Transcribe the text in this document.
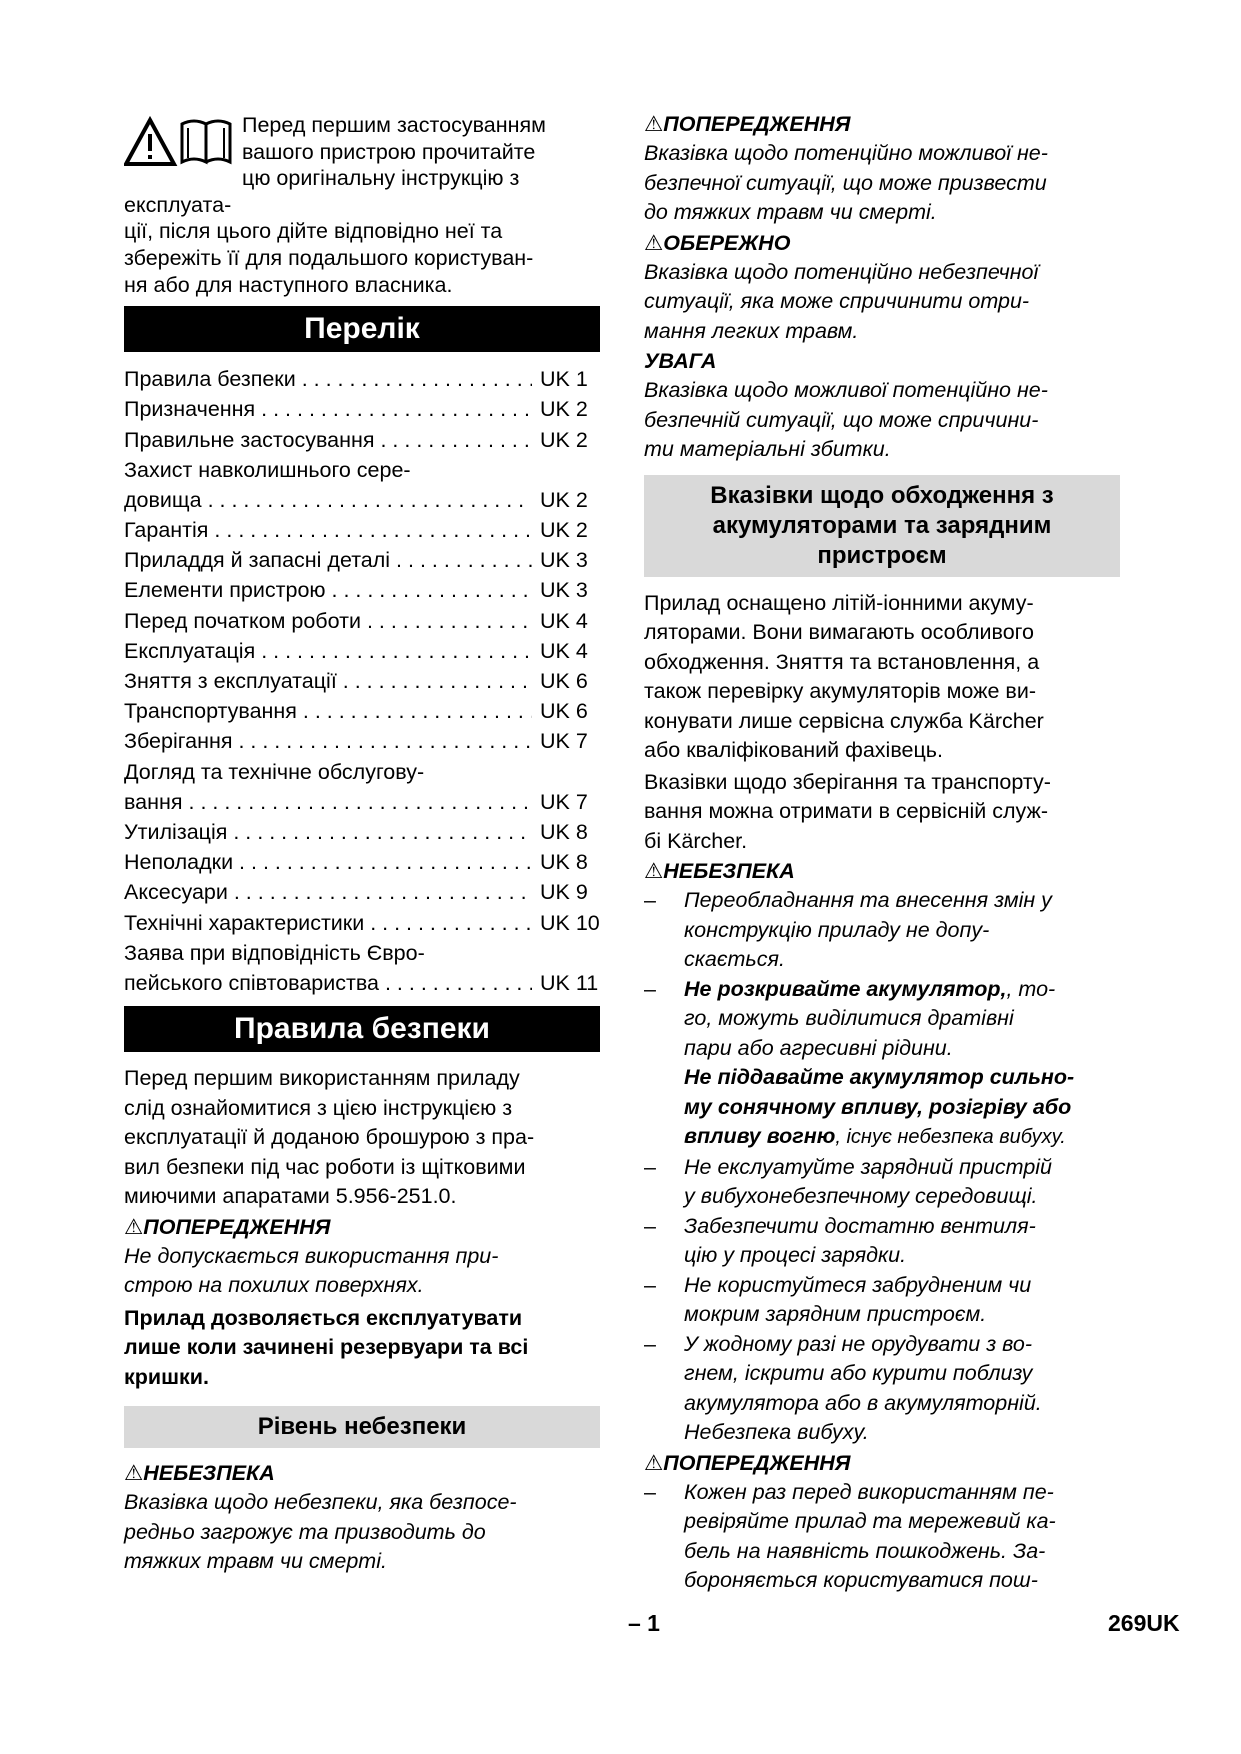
Перед першим застосуванням

вашого пристрою прочитайте

цю оригінальну інструкцію з експлуата-

ції, після цього дійте відповідно неї та

збережіть її для подальшого користуван-

ня або для наступного власника.

Перелік
Правила безпеки . . .	UK 1
Призначення . . .	UK 2
Правильне застосування . . .	UK 2
Захист навколишнього сере-
довища . . .	UK 2
Гарантія . . .	UK 2
Приладдя й запасні деталі . . .	UK 3
Елементи пристрою . . .	UK 3
Перед початком роботи . . .	UK 4
Експлуатація . . .	UK 4
Зняття з експлуатації . . .	UK 6
Транспортування . . .	UK 6
Зберігання . . .	UK 7
Догляд та технічне обслугову-
вання . . .	UK 7
Утилізація . . .	UK 8
Неполадки . . .	UK 8
Аксесуари . . .	UK 9
Технічні характеристики . . .	UK 10
Заява при відповідність Євро-
пейського співтовариства . . .	UK 11
Правила безпеки

Перед першим використанням приладу

слід ознайомитися з цією інструкцією з

експлуатації й доданою брошурою з пра-

вил безпеки під час роботи із щітковими

миючими апаратами 5.956-251.0.

⚠ПОПЕРЕДЖЕННЯ

Не допускається використання при-

строю на похилих поверхнях.

Прилад дозволяється експлуатувати

лише коли зачинені резервуари та всі

кришки.

Рівень небезпеки
⚠НЕБЕЗПЕКА

Вказівка щодо небезпеки, яка безпосе-

редньо загрожує та призводить до

тяжких травм чи смерті.

⚠ПОПЕРЕДЖЕННЯ

Вказівка щодо потенційно можливої не-

безпечної ситуації, що може призвести

до тяжких травм чи смерті.

⚠ОБЕРЕЖНО

Вказівка щодо потенційно небезпечної

ситуації, яка може спричинити отри-

мання легких травм.

УВАГА

Вказівка щодо можливої потенційно не-

безпечній ситуації, що може спричини-

ти матеріальні збитки.

Вказівки щодо обходження з
акумуляторами та зарядним
пристроєм

Прилад оснащено літій-іонними акуму-

ляторами. Вони вимагають особливого

обходження. Зняття та встановлення, а

також перевірку акумуляторів може ви-

конувати лише сервісна служба Kärcher

або кваліфікований фахівець.

Вказівки щодо зберігання та транспорту-

вання можна отримати в сервісній служ-

бі Kärcher.

⚠НЕБЕЗПЕКА
–	Переобладнання та внесення змін у

конструкцію приладу не допу-

скається.

–	Не розкривайте акумулятор,, то-

го, можуть виділитися дратівні

пари або агресивні рідини.

Не піддавайте акумулятор сильно-

му сонячному впливу, розігріву або

впливу вогню, існує небезпека вибуху.

–	Не екслуатуйте зарядний пристрій

у вибухонебезпечному середовищі.

–	Забезпечити достатню вентиля-

цію у процесі зарядки.

–	Не користуйтеся забрудненим чи

мокрим зарядним пристроєм.

–	У жодному разі не орудувати з во-

гнем, іскрити або курити поблизу

акумулятора або в акумуляторній.

Небезпека вибуху.

⚠ПОПЕРЕДЖЕННЯ
–	Кожен раз перед використанням пе-

ревіряйте прилад та мережевий ка-

бель на наявність пошкоджень. За-

бороняється користуватися пош-

– 1	269UK
